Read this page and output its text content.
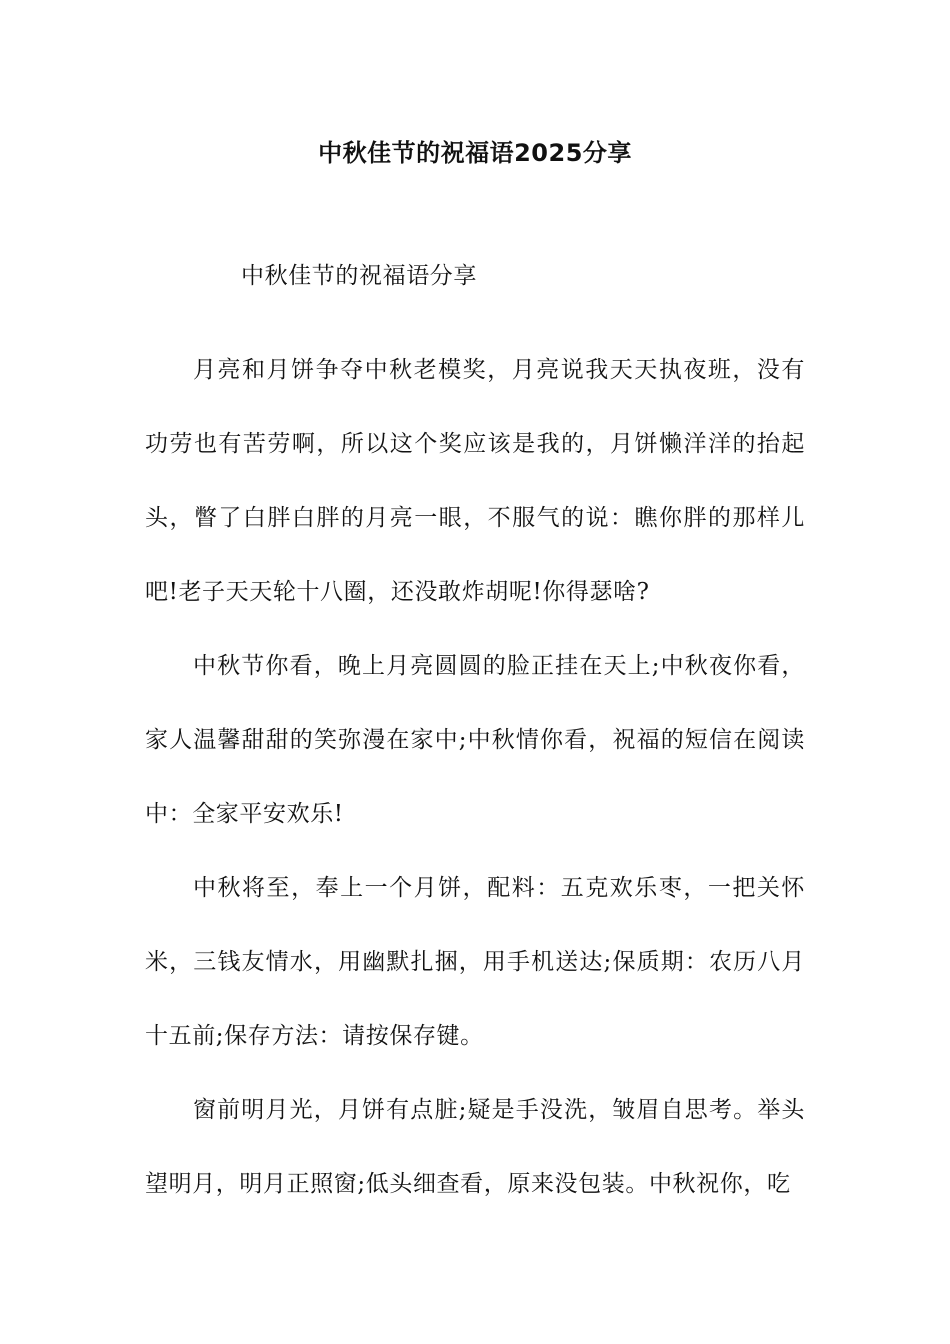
中秋佳节的祝福语2025分享

中秋佳节的祝福语分享

月亮和月饼争夺中秋老模奖，月亮说我天天执夜班，没有功劳也有苦劳啊，所以这个奖应该是我的，月饼懒洋洋的抬起头，瞥了白胖白胖的月亮一眼，不服气的说：瞧你胖的那样儿吧!老子天天轮十八圈，还没敢炸胡呢!你得瑟啥?

中秋节你看，晚上月亮圆圆的脸正挂在天上;中秋夜你看，家人温馨甜甜的笑弥漫在家中;中秋情你看，祝福的短信在阅读中：全家平安欢乐!

中秋将至，奉上一个月饼，配料：五克欢乐枣，一把关怀米，三钱友情水，用幽默扎捆，用手机送达;保质期：农历八月十五前;保存方法：请按保存键。

窗前明月光，月饼有点脏;疑是手没洗，皱眉自思考。举头望明月，明月正照窗;低头细查看，原来没包装。中秋祝你，吃
